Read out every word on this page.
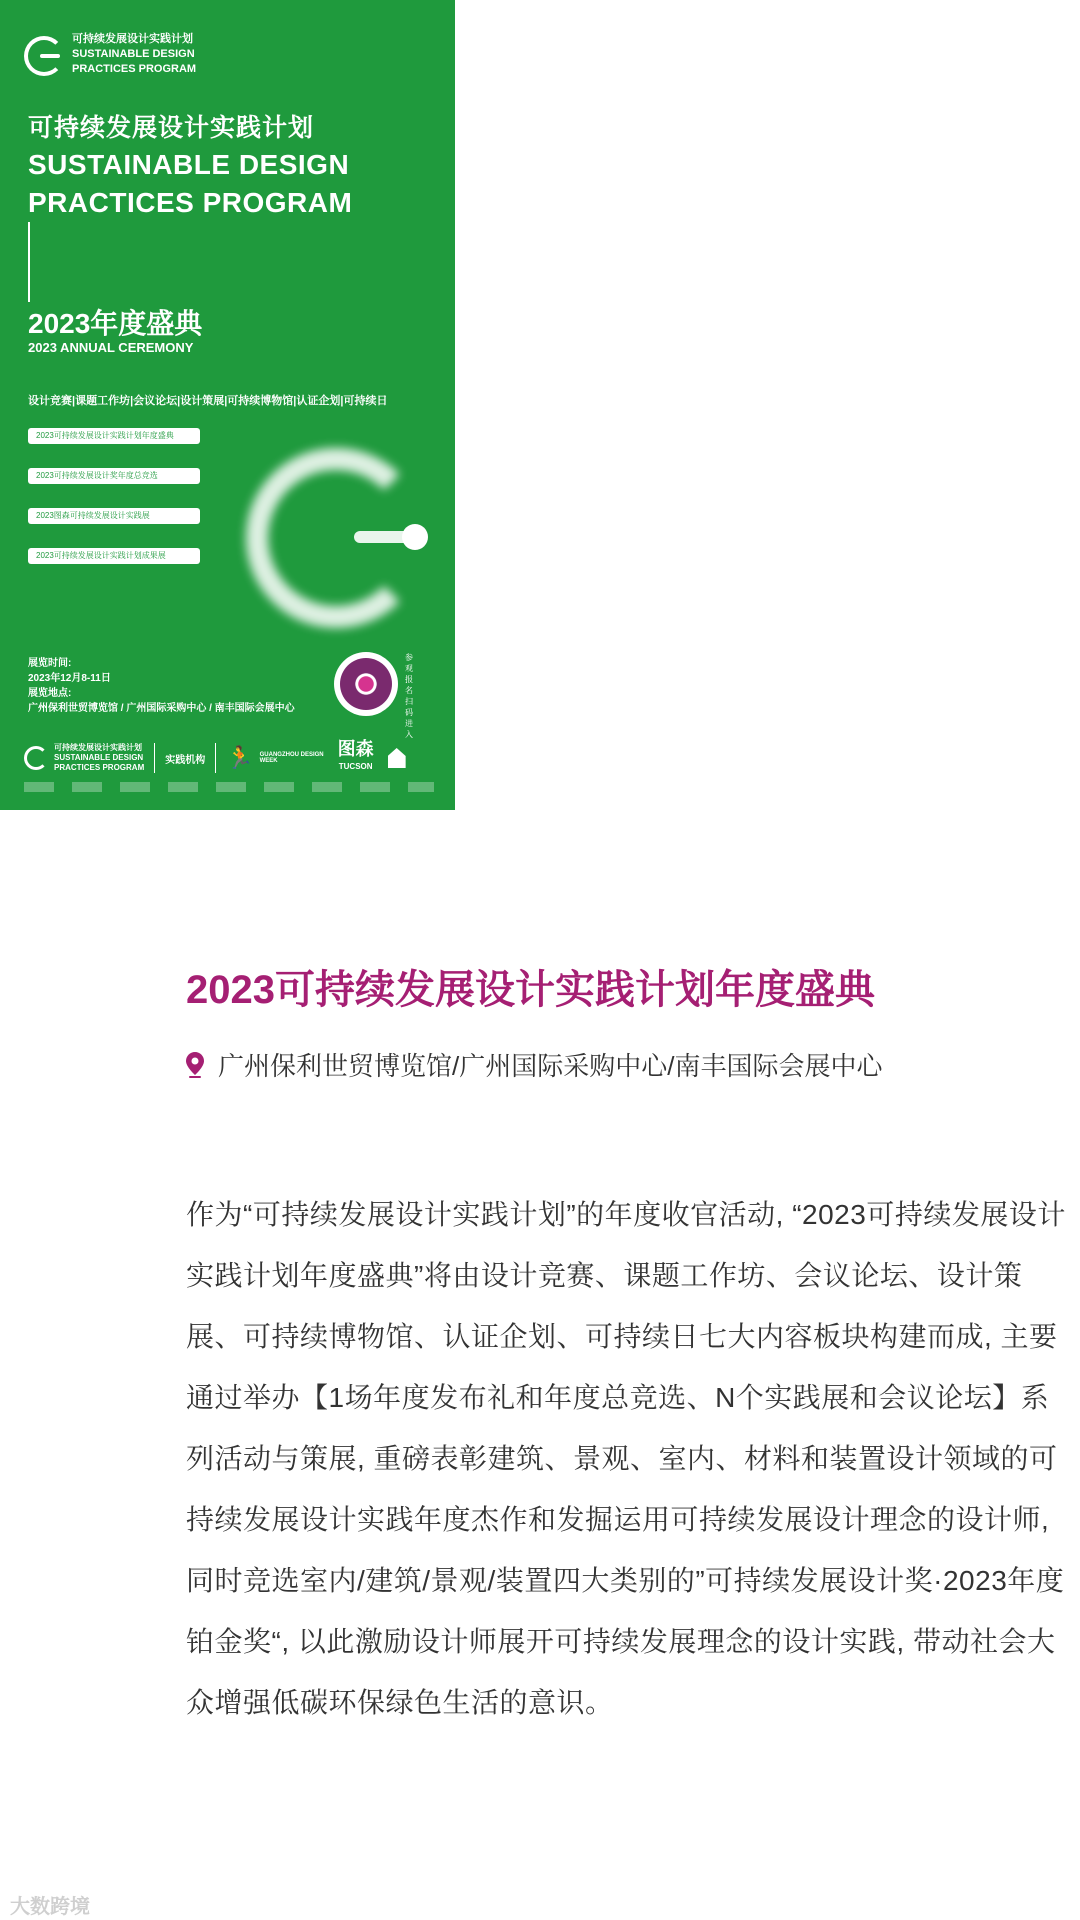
可持续发展设计实践计划
SUSTAINABLE DESIGN
PRACTICES PROGRAM
可持续发展设计实践计划
SUSTAINABLE DESIGN
PRACTICES PROGRAM
2023年度盛典
2023 ANNUAL CEREMONY
设计竞赛|课题工作坊|会议论坛|设计策展|可持续博物馆|认证企划|可持续日
2023可持续发展设计实践计划年度盛典
2023可持续发展设计奖年度总竞选
2023图森可持续发展设计实践展
2023可持续发展设计实践计划成果展
展览时间:
2023年12月8-11日
展览地点:
广州保利世贸博览馆 / 广州国际采购中心 / 南丰国际会展中心
参观报名扫码进入
可持续发展设计实践计划
SUSTAINABLE DESIGN
PRACTICES PROGRAM
实践机构 🏃 GUANGZHOU DESIGN WEEK
图森
TUCSON
2023可持续发展设计实践计划年度盛典
广州保利世贸博览馆/广州国际采购中心/南丰国际会展中心
作为“可持续发展设计实践计划”的年度收官活动, “2023可持续发展设计实践计划年度盛典”将由设计竞赛、课题工作坊、会议论坛、设计策展、可持续博物馆、认证企划、可持续日七大内容板块构建而成, 主要通过举办【1场年度发布礼和年度总竞选、N个实践展和会议论坛】系列活动与策展, 重磅表彰建筑、景观、室内、材料和装置设计领域的可持续发展设计实践年度杰作和发掘运用可持续发展设计理念的设计师, 同时竞选室内/建筑/景观/装置四大类别的”可持续发展设计奖·2023年度铂金奖“, 以此激励设计师展开可持续发展理念的设计实践, 带动社会大众增强低碳环保绿色生活的意识。
大数跨境
